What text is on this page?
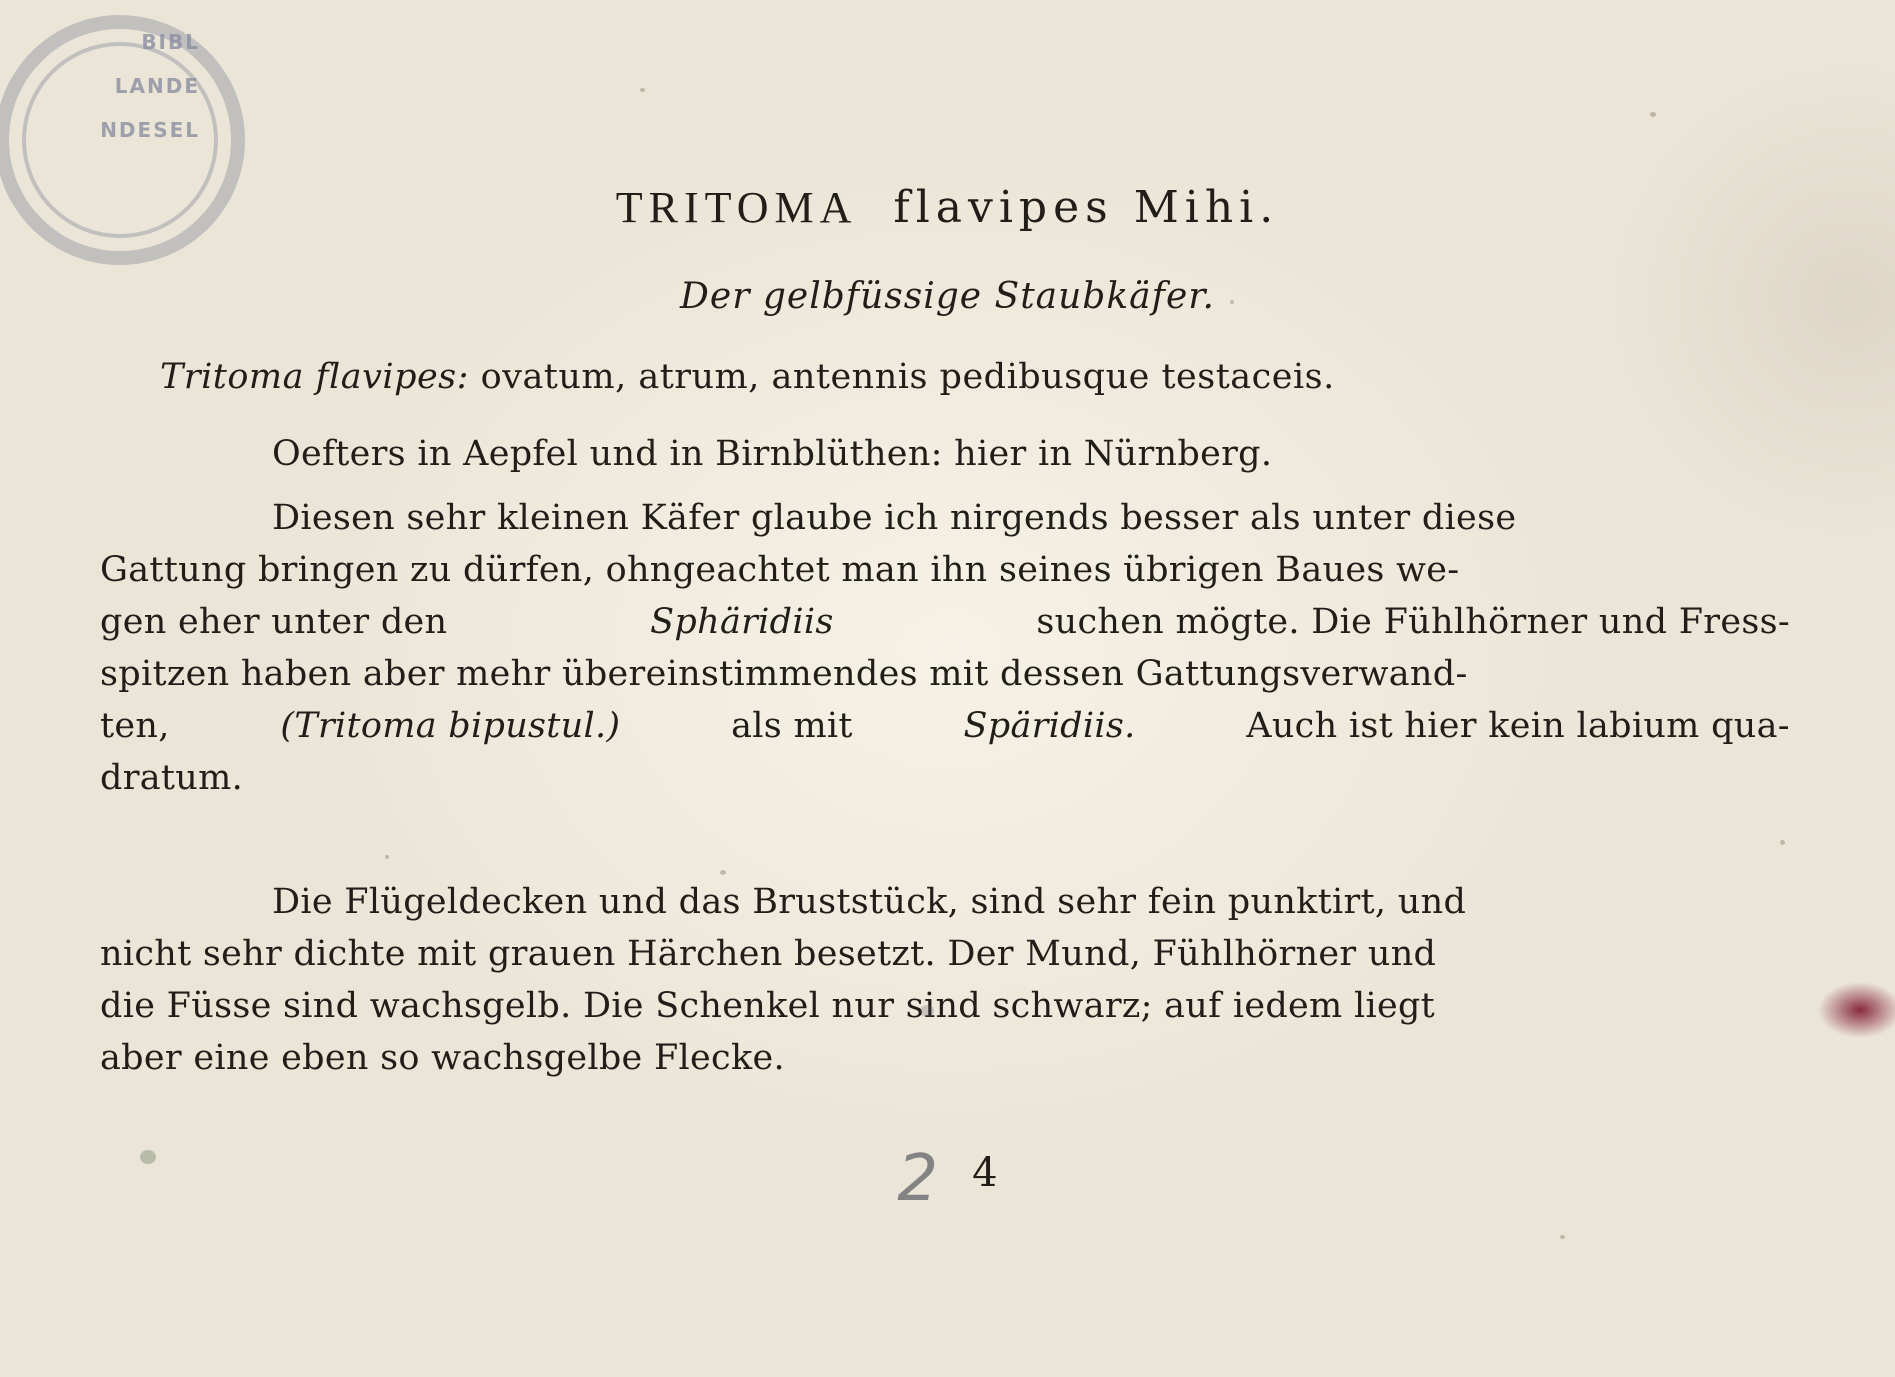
BIBL
LANDE
NDESEL
TRITOMA flavipes Mihi.
Der gelbfüssige Staubkäfer.
Tritoma flavipes: ovatum, atrum, antennis pedibusque testaceis.
Oefters in Aepfel und in Birnblüthen: hier in Nürnberg.
Diesen sehr kleinen Käfer glaube ich nirgends besser als unter diese
Gattung bringen zu dürfen, ohngeachtet man ihn seines übrigen Baues we-
gen eher unter den	Sphäridiis	suchen mögte. Die Fühlhörner und Fress-
spitzen haben aber mehr übereinstimmendes mit dessen Gattungsverwand-
ten,	(Tritoma bipustul.)	als mit	Späridiis.	Auch ist hier kein labium qua-
dratum.
Die Flügeldecken und das Bruststück, sind sehr fein punktirt, und
nicht sehr dichte mit grauen Härchen besetzt. Der Mund, Fühlhörner und
die Füsse sind wachsgelb. Die Schenkel nur sind schwarz; auf iedem liegt
aber eine eben so wachsgelbe Flecke.
2 4
